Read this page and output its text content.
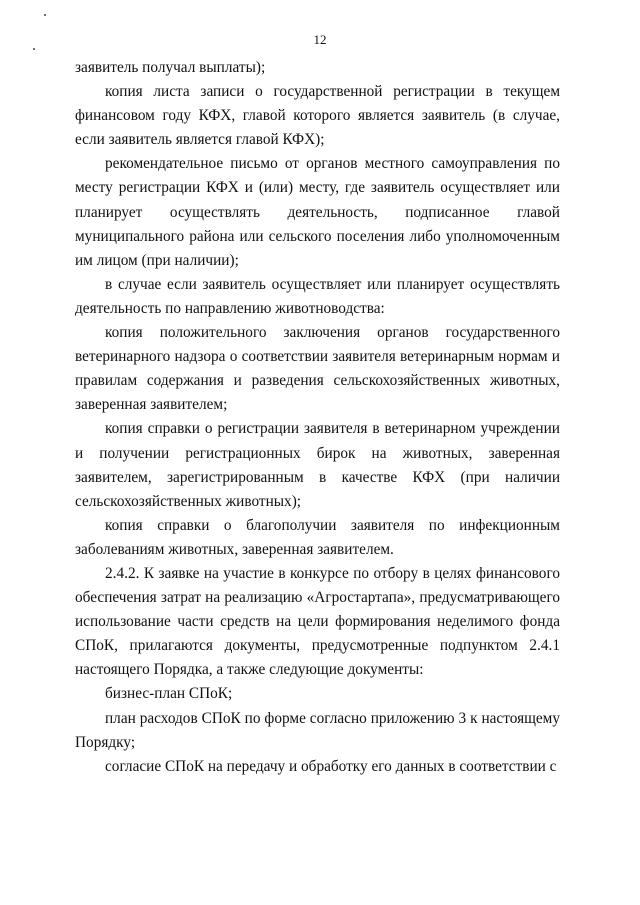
12

заявитель получал выплаты);

копия листа записи о государственной регистрации в текущем финансовом году КФХ, главой которого является заявитель (в случае, если заявитель является главой КФХ);

рекомендательное письмо от органов местного самоуправления по месту регистрации КФХ и (или) месту, где заявитель осуществляет или планирует осуществлять деятельность, подписанное главой муниципального района или сельского поселения либо уполномоченным им лицом (при наличии);

в случае если заявитель осуществляет или планирует осуществлять деятельность по направлению животноводства:

копия положительного заключения органов государственного ветеринарного надзора о соответствии заявителя ветеринарным нормам и правилам содержания и разведения сельскохозяйственных животных, заверенная заявителем;

копия справки о регистрации заявителя в ветеринарном учреждении и получении регистрационных бирок на животных, заверенная заявителем, зарегистрированным в качестве КФХ (при наличии сельскохозяйственных животных);

копия справки о благополучии заявителя по инфекционным заболеваниям животных, заверенная заявителем.

2.4.2. К заявке на участие в конкурсе по отбору в целях финансового обеспечения затрат на реализацию «Агростартапа», предусматривающего использование части средств на цели формирования неделимого фонда СПоК, прилагаются документы, предусмотренные подпунктом 2.4.1 настоящего Порядка, а также следующие документы:

бизнес-план СПоК;

план расходов СПоК по форме согласно приложению 3 к настоящему Порядку;

согласие СПоК на передачу и обработку его данных в соответствии с
